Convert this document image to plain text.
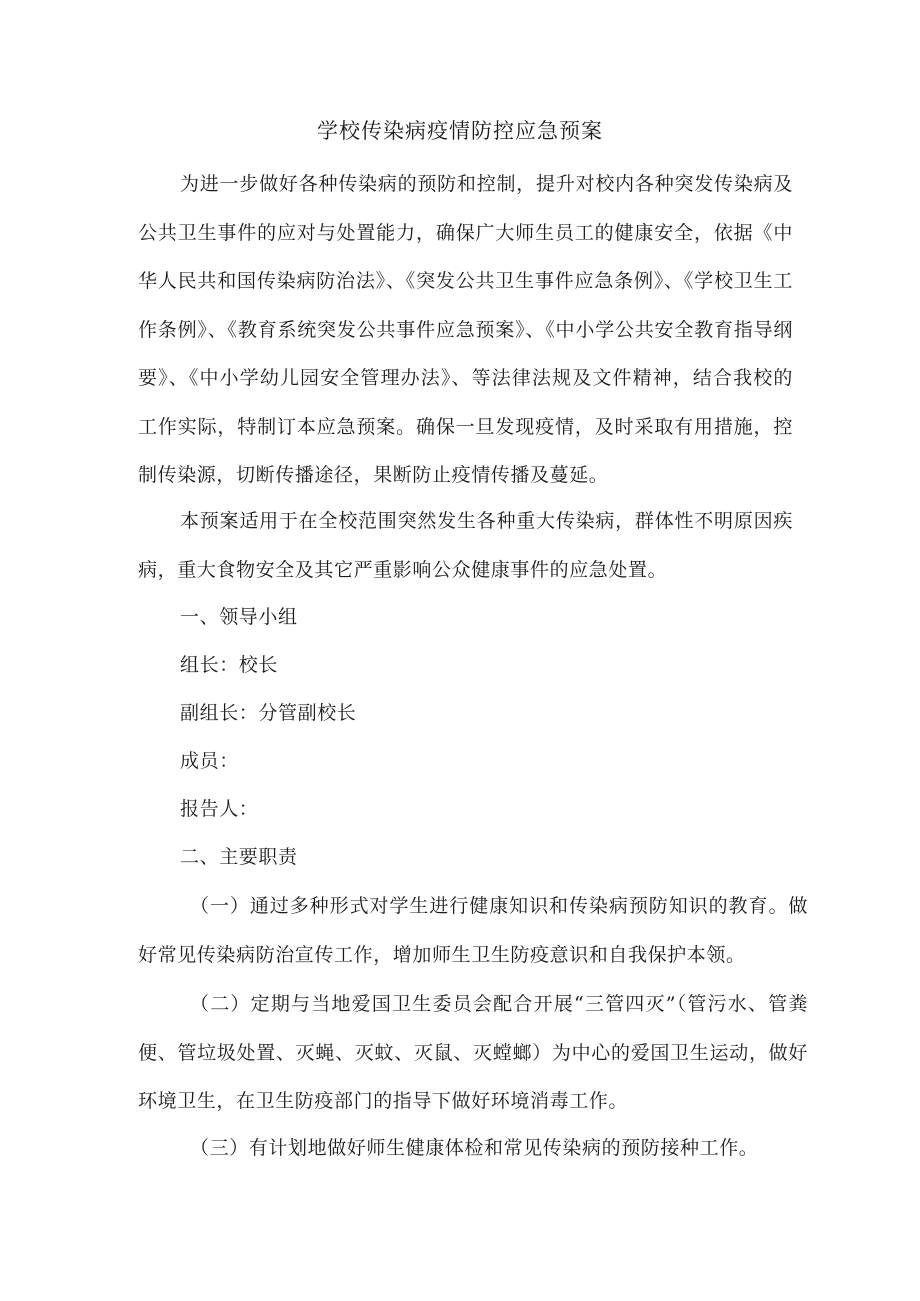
学校传染病疫情防控应急预案

为进一步做好各种传染病的预防和控制，提升对校内各种突发传染病及公共卫生事件的应对与处置能力，确保广大师生员工的健康安全，依据《中华人民共和国传染病防治法》、《突发公共卫生事件应急条例》、《学校卫生工作条例》、《教育系统突发公共事件应急预案》、《中小学公共安全教育指导纲要》、《中小学幼儿园安全管理办法》、等法律法规及文件精神，结合我校的工作实际，特制订本应急预案。确保一旦发现疫情，及时采取有用措施，控制传染源，切断传播途径，果断防止疫情传播及蔓延。

本预案适用于在全校范围突然发生各种重大传染病，群体性不明原因疾病，重大食物安全及其它严重影响公众健康事件的应急处置。

一、领导小组

组长：校长

副组长：分管副校长

成员：

报告人：

二、主要职责

（一）通过多种形式对学生进行健康知识和传染病预防知识的教育。做好常见传染病防治宣传工作，增加师生卫生防疫意识和自我保护本领。

（二）定期与当地爱国卫生委员会配合开展“三管四灭”（管污水、管粪便、管垃圾处置、灭蝇、灭蚊、灭鼠、灭螳螂）为中心的爱国卫生运动，做好环境卫生，在卫生防疫部门的指导下做好环境消毒工作。

（三）有计划地做好师生健康体检和常见传染病的预防接种工作。
